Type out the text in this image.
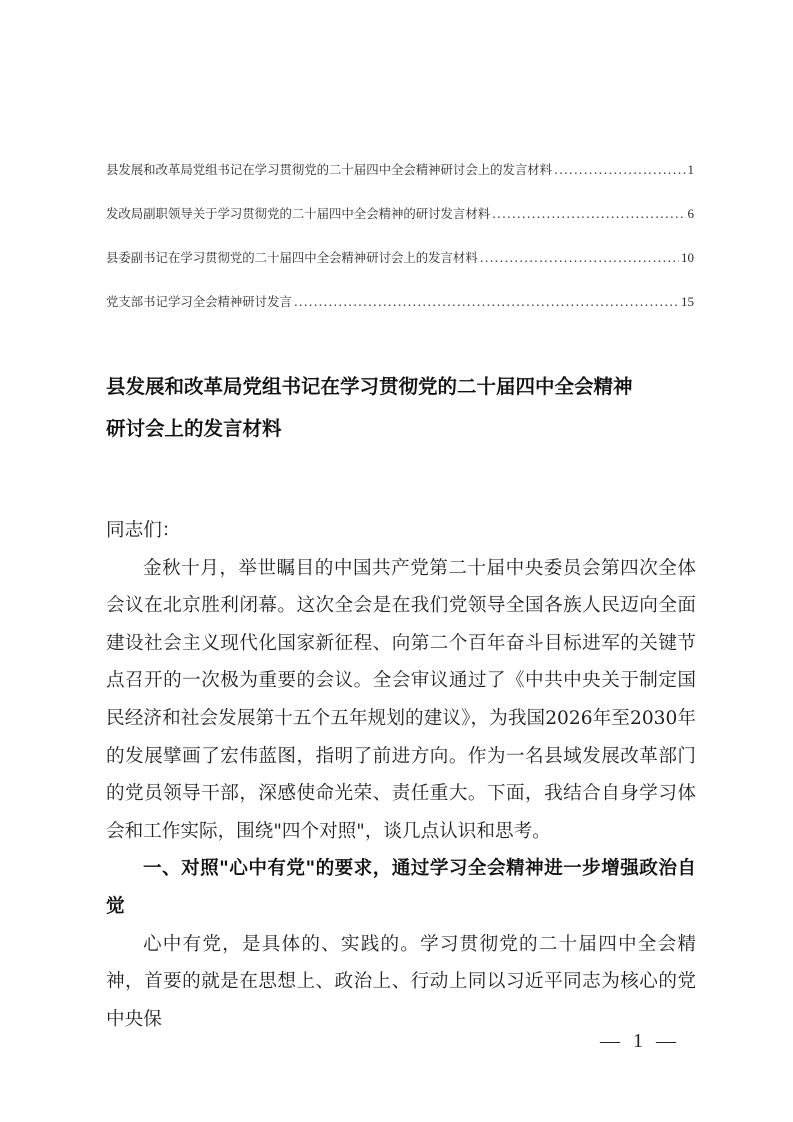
县发展和改革局党组书记在学习贯彻党的二十届四中全会精神研讨会上的发言材料 .....	1
发改局副职领导关于学习贯彻党的二十届四中全会精神的研讨发言材料 .....	6
县委副书记在学习贯彻党的二十届四中全会精神研讨会上的发言材料 .....	10
党支部书记学习全会精神研讨发言 .....	15
县发展和改革局党组书记在学习贯彻党的二十届四中全会精神
研讨会上的发言材料

同志们：

金秋十月，举世瞩目的中国共产党第二十届中央委员会第四次全体会议在北京胜利闭幕。这次全会是在我们党领导全国各族人民迈向全面建设社会主义现代化国家新征程、向第二个百年奋斗目标进军的关键节点召开的一次极为重要的会议。全会审议通过了《中共中央关于制定国民经济和社会发展第十五个五年规划的建议》，为我国2026年至2030年的发展擘画了宏伟蓝图，指明了前进方向。作为一名县域发展改革部门的党员领导干部，深感使命光荣、责任重大。下面，我结合自身学习体会和工作实际，围绕"四个对照"，谈几点认识和思考。

一、对照"心中有党"的要求，通过学习全会精神进一步增强政治自觉

心中有党，是具体的、实践的。学习贯彻党的二十届四中全会精神，首要的就是在思想上、政治上、行动上同以习近平同志为核心的党中央保

— 1 —
